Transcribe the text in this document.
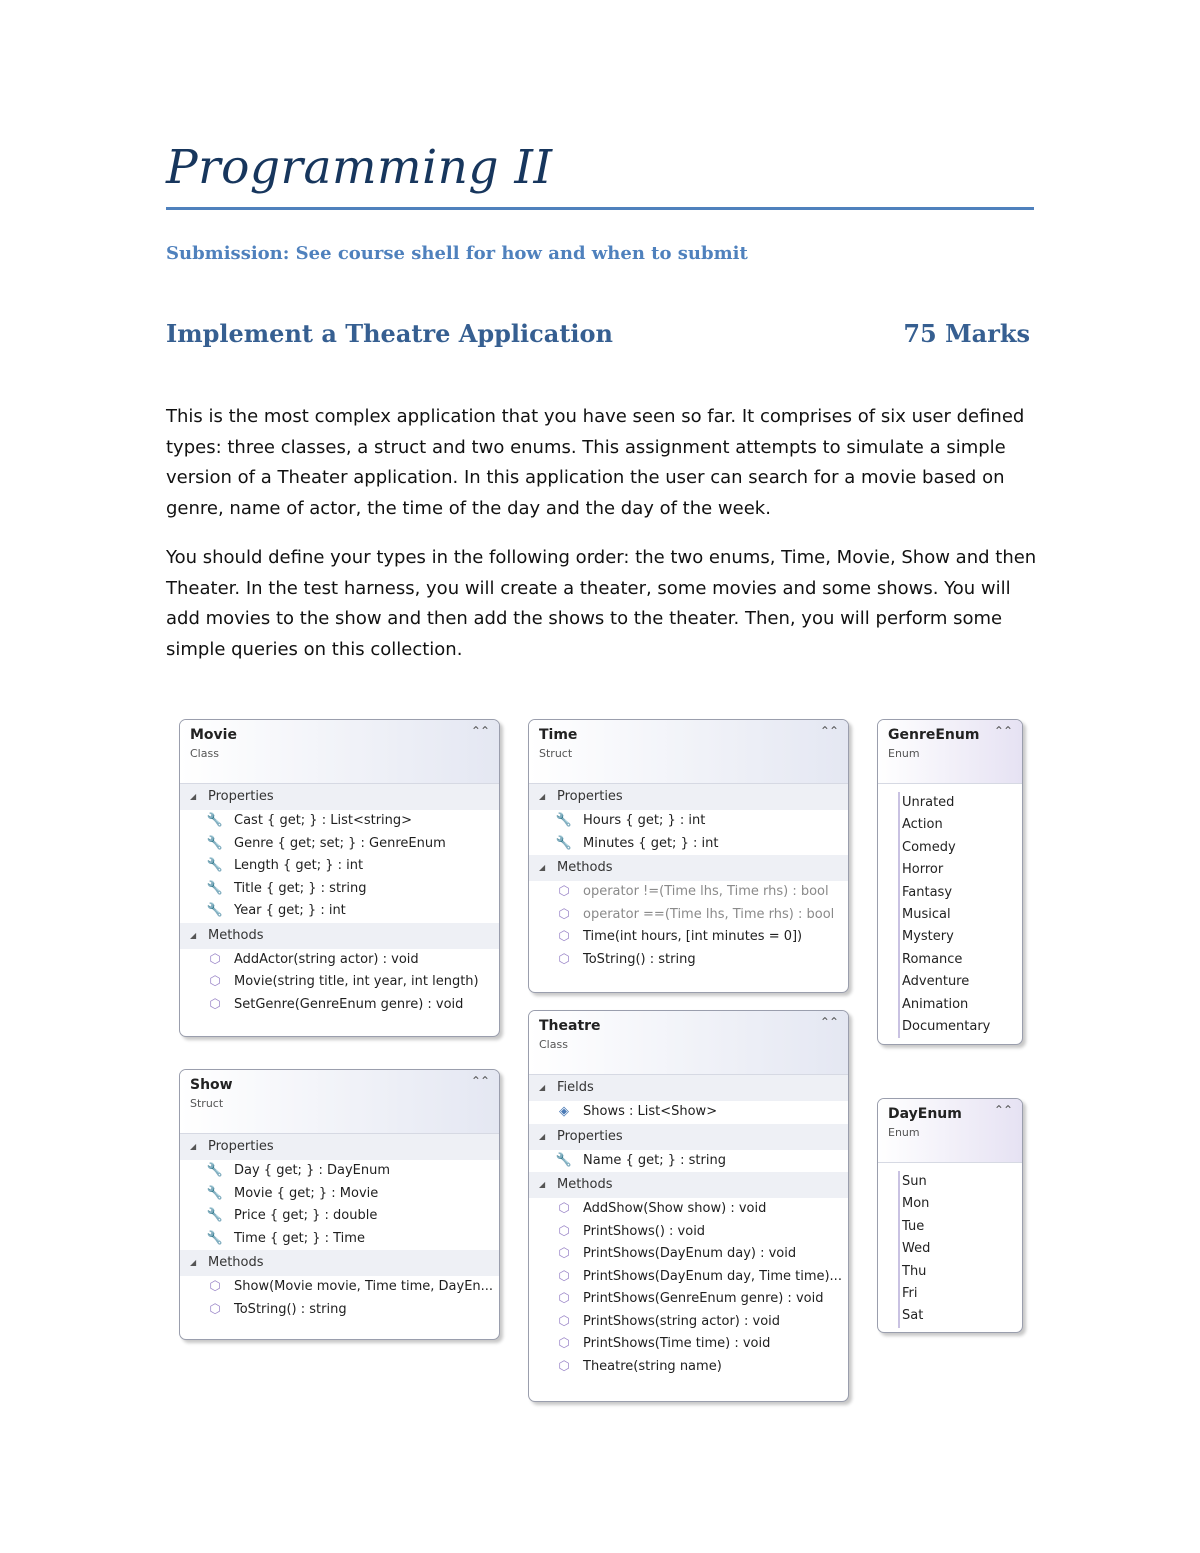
Programming II
Submission: See course shell for how and when to submit
Implement a Theatre Application	75 Marks

This is the most complex application that you have seen so far. It comprises of six user defined types: three classes, a struct and two enums. This assignment attempts to simulate a simple version of a Theater application. In this application the user can search for a movie based on genre, name of actor, the time of the day and the day of the week.

You should define your types in the following order: the two enums, Time, Movie, Show and then Theater. In the test harness, you will create a theater, some movies and some shows. You will add movies to the show and then add the shows to the theater. Then, you will perform some simple queries on this collection.

Movie
Class
⌃⌃
◢ Properties
🔧 Cast { get; } : List<string>
🔧 Genre { get; set; } : GenreEnum
🔧 Length { get; } : int
🔧 Title { get; } : string
🔧 Year { get; } : int
◢ Methods
⬡ AddActor(string actor) : void
⬡ Movie(string title, int year, int length)
⬡ SetGenre(GenreEnum genre) : void
Time
Struct
⌃⌃
◢ Properties
🔧 Hours { get; } : int
🔧 Minutes { get; } : int
◢ Methods
⬡ operator !=(Time lhs, Time rhs) : bool
⬡ operator ==(Time lhs, Time rhs) : bool
⬡ Time(int hours, [int minutes = 0])
⬡ ToString() : string
GenreEnum
Enum
⌃⌃
Unrated
Action
Comedy
Horror
Fantasy
Musical
Mystery
Romance
Adventure
Animation
Documentary
Show
Struct
⌃⌃
◢ Properties
🔧 Day { get; } : DayEnum
🔧 Movie { get; } : Movie
🔧 Price { get; } : double
🔧 Time { get; } : Time
◢ Methods
⬡ Show(Movie movie, Time time, DayEn...
⬡ ToString() : string
Theatre
Class
⌃⌃
◢ Fields
◈	Shows : List<Show>
◢ Properties
🔧 Name { get; } : string
◢ Methods
⬡ AddShow(Show show) : void
⬡ PrintShows() : void
⬡ PrintShows(DayEnum day) : void
⬡ PrintShows(DayEnum day, Time time)...
⬡ PrintShows(GenreEnum genre) : void
⬡ PrintShows(string actor) : void
⬡ PrintShows(Time time) : void
⬡ Theatre(string name)
DayEnum
Enum
⌃⌃
Sun
Mon
Tue
Wed
Thu
Fri
Sat
